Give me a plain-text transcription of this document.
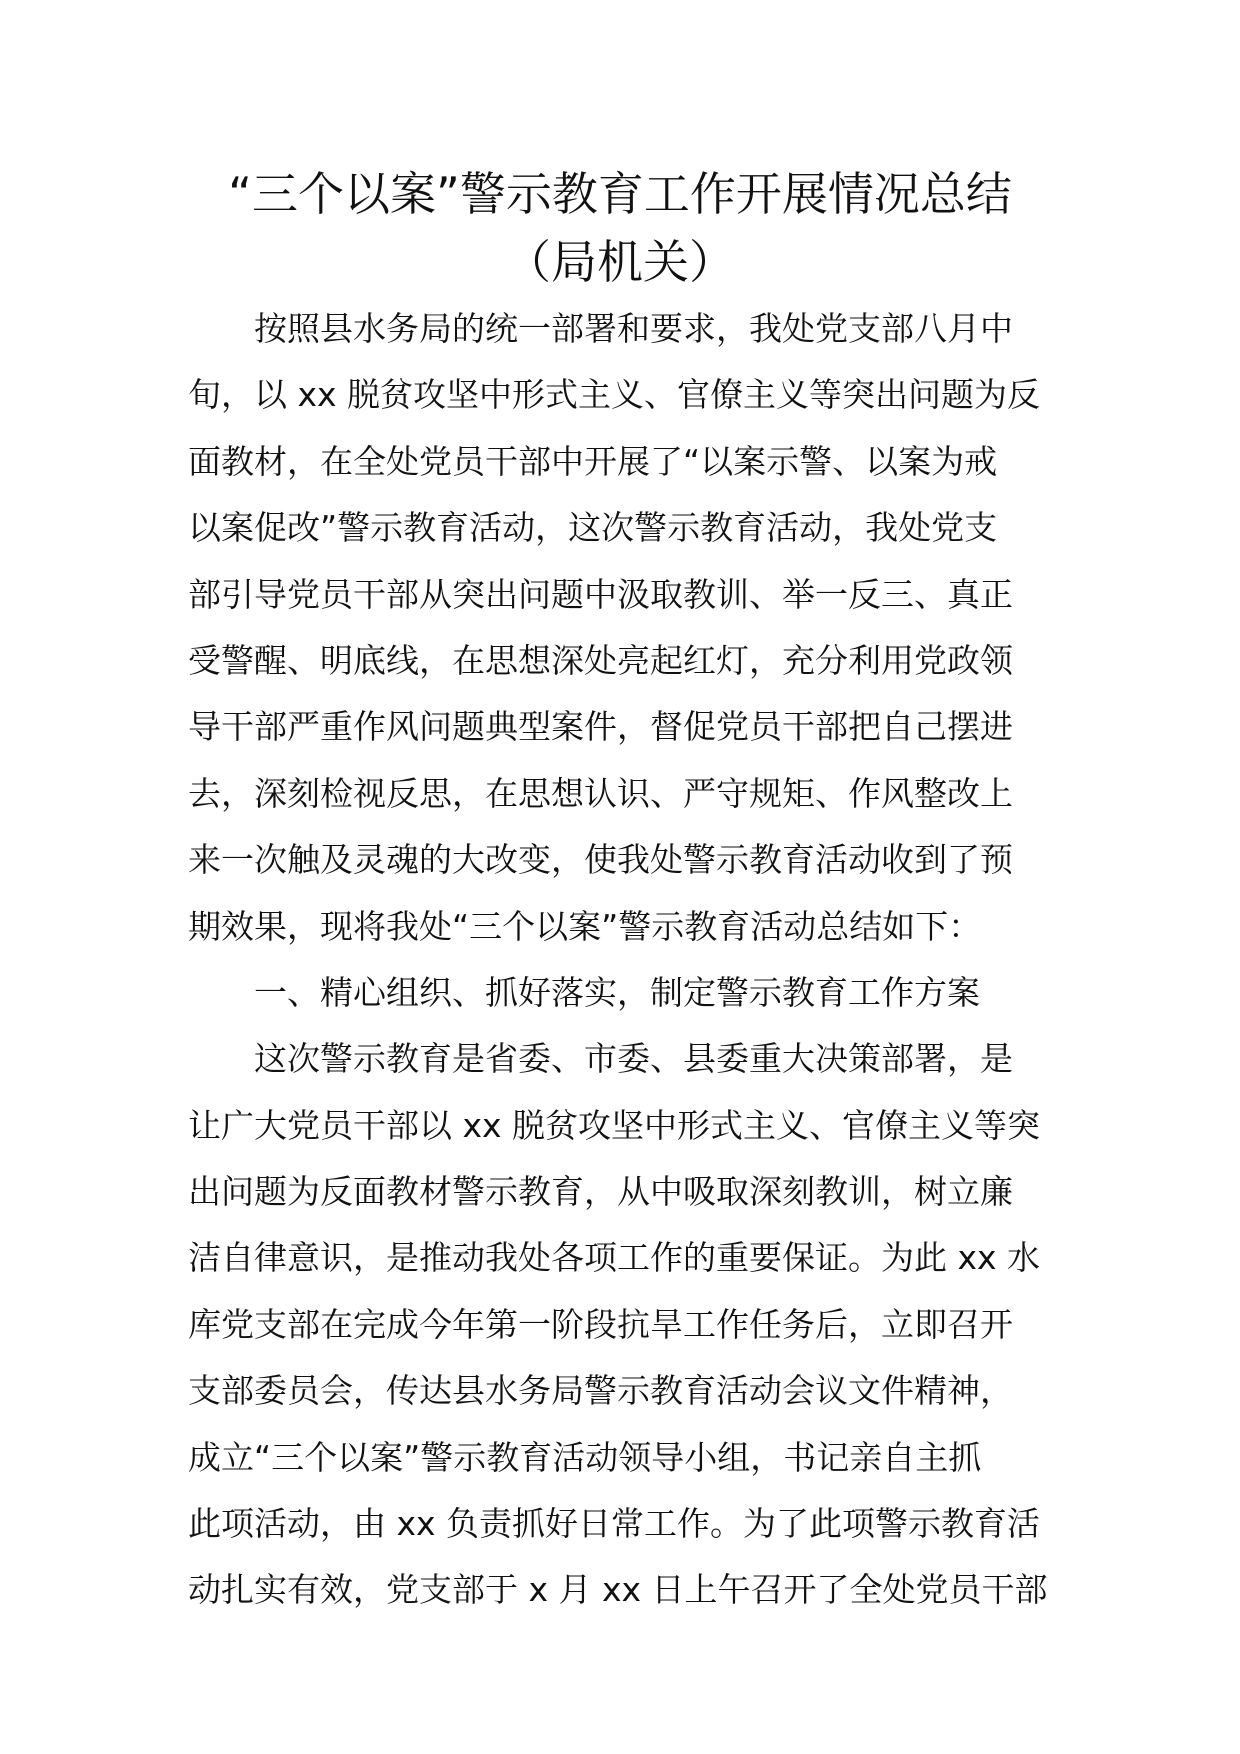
“三个以案”警示教育工作开展情况总结
（局机关）
按照县水务局的统一部署和要求，我处党支部八月中
旬，以 xx 脱贫攻坚中形式主义、官僚主义等突出问题为反
面教材，在全处党员干部中开展了“以案示警、以案为戒
以案促改”警示教育活动，这次警示教育活动，我处党支
部引导党员干部从突出问题中汲取教训、举一反三、真正
受警醒、明底线，在思想深处亮起红灯，充分利用党政领
导干部严重作风问题典型案件，督促党员干部把自己摆进
去，深刻检视反思，在思想认识、严守规矩、作风整改上
来一次触及灵魂的大改变，使我处警示教育活动收到了预
期效果，现将我处“三个以案”警示教育活动总结如下：
一、精心组织、抓好落实，制定警示教育工作方案
这次警示教育是省委、市委、县委重大决策部署，是
让广大党员干部以 xx 脱贫攻坚中形式主义、官僚主义等突
出问题为反面教材警示教育，从中吸取深刻教训，树立廉
洁自律意识，是推动我处各项工作的重要保证。为此 xx 水
库党支部在完成今年第一阶段抗旱工作任务后，立即召开
支部委员会，传达县水务局警示教育活动会议文件精神，
成立“三个以案”警示教育活动领导小组，书记亲自主抓
此项活动，由 xx 负责抓好日常工作。为了此项警示教育活
动扎实有效，党支部于 x 月 xx 日上午召开了全处党员干部
